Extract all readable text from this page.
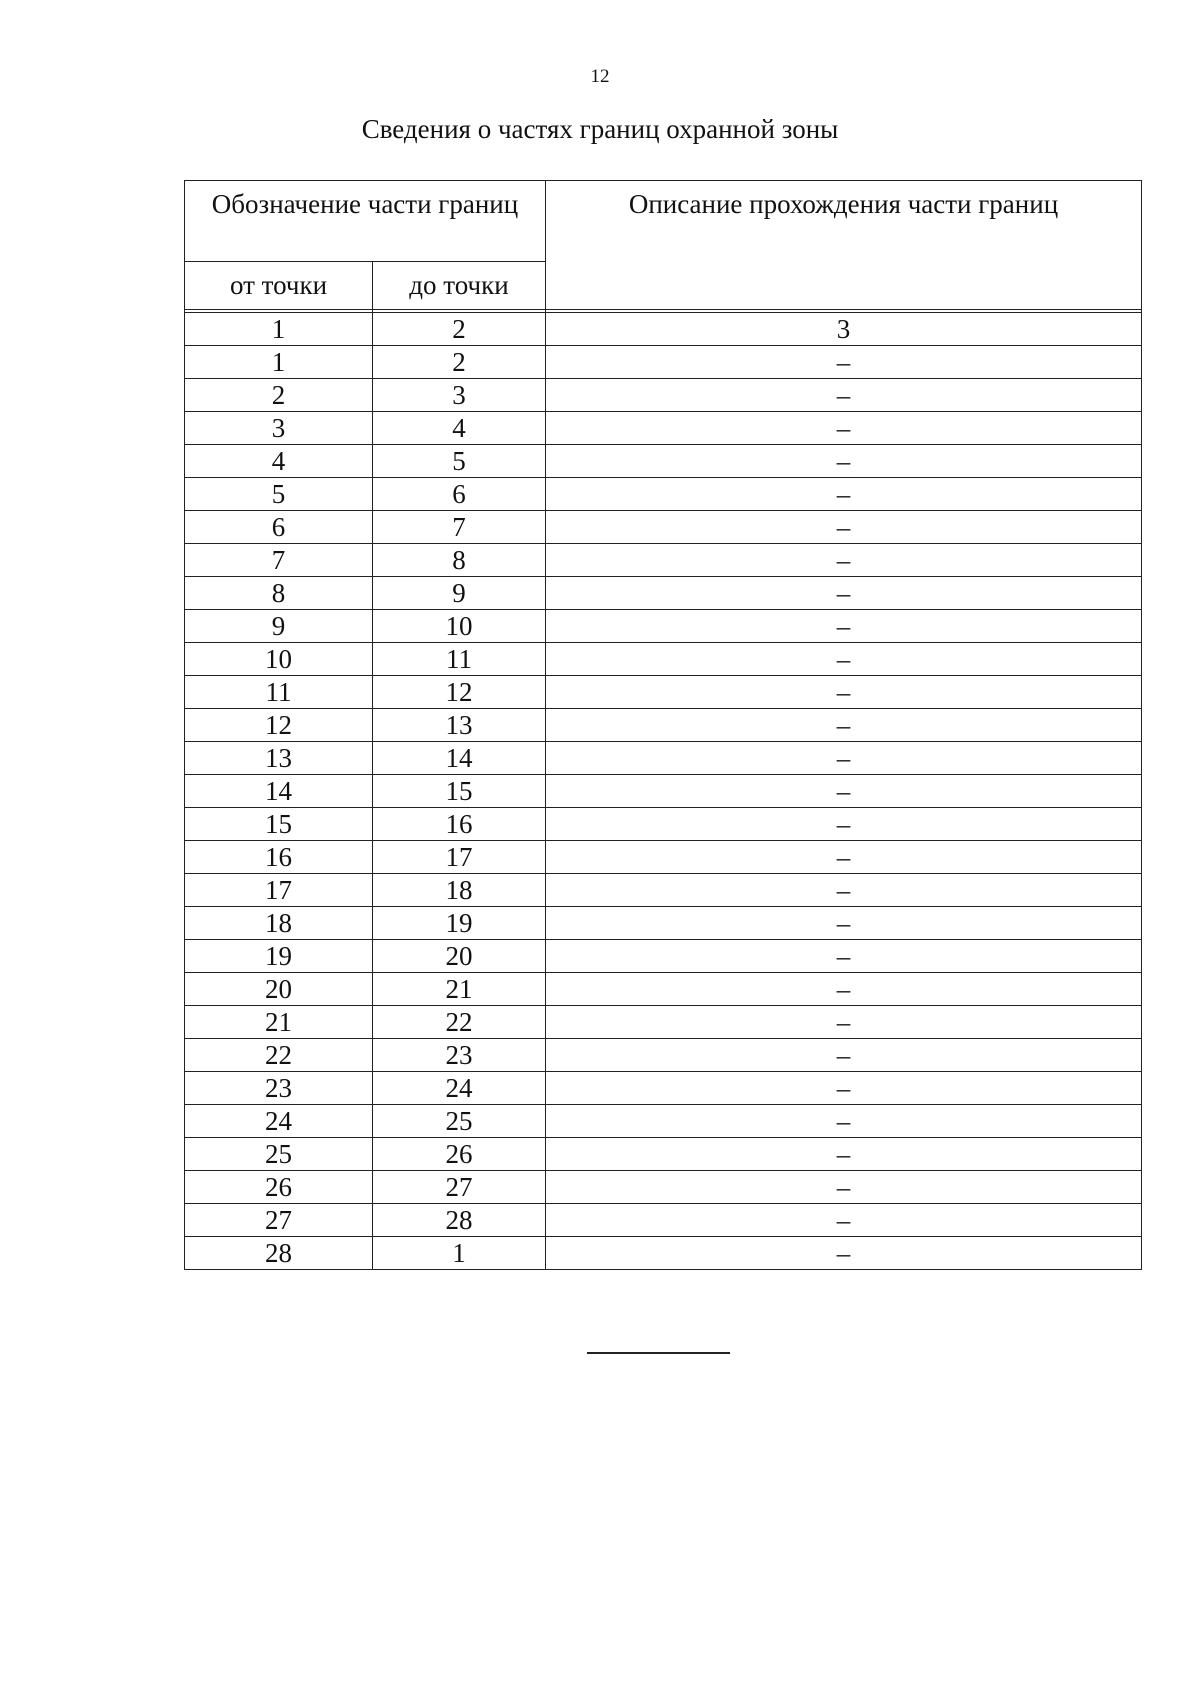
12
Сведения о частях границ охранной зоны
Обозначение части границ		Описание прохождения части границ
от точки	до точки	

1	2	3
1	2	–
2	3	–
3	4	–
4	5	–
5	6	–
6	7	–
7	8	–
8	9	–
9	10	–
10	11	–
11	12	–
12	13	–
13	14	–
14	15	–
15	16	–
16	17	–
17	18	–
18	19	–
19	20	–
20	21	–
21	22	–
22	23	–
23	24	–
24	25	–
25	26	–
26	27	–
27	28	–
28	1	–
